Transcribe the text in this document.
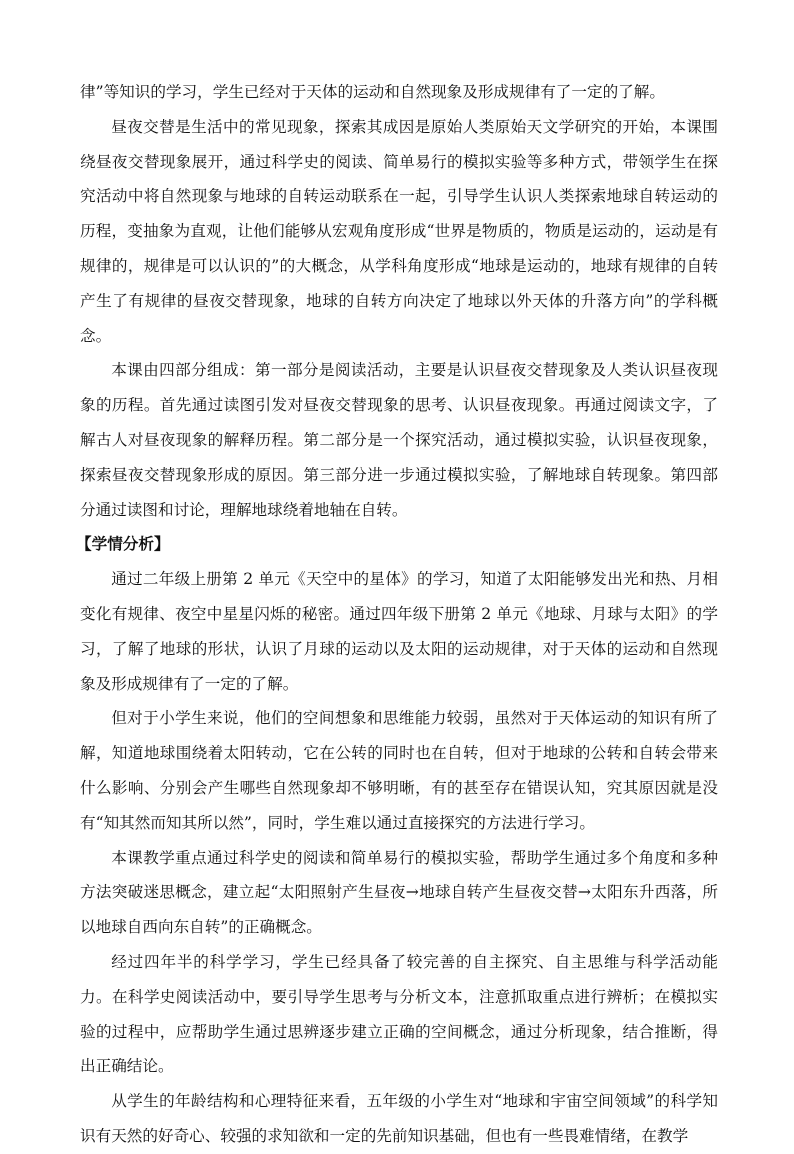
律”等知识的学习，学生已经对于天体的运动和自然现象及形成规律有了一定的了解。

昼夜交替是生活中的常见现象，探索其成因是原始人类原始天文学研究的开始，本课围绕昼夜交替现象展开，通过科学史的阅读、简单易行的模拟实验等多种方式，带领学生在探究活动中将自然现象与地球的自转运动联系在一起，引导学生认识人类探索地球自转运动的历程，变抽象为直观，让他们能够从宏观角度形成“世界是物质的，物质是运动的，运动是有规律的，规律是可以认识的”的大概念，从学科角度形成“地球是运动的，地球有规律的自转产生了有规律的昼夜交替现象，地球的自转方向决定了地球以外天体的升落方向”的学科概念。

本课由四部分组成：第一部分是阅读活动，主要是认识昼夜交替现象及人类认识昼夜现象的历程。首先通过读图引发对昼夜交替现象的思考、认识昼夜现象。再通过阅读文字，了解古人对昼夜现象的解释历程。第二部分是一个探究活动，通过模拟实验，认识昼夜现象，探索昼夜交替现象形成的原因。第三部分进一步通过模拟实验，了解地球自转现象。第四部分通过读图和讨论，理解地球绕着地轴在自转。

【学情分析】

通过二年级上册第 2 单元《天空中的星体》的学习，知道了太阳能够发出光和热、月相变化有规律、夜空中星星闪烁的秘密。通过四年级下册第 2 单元《地球、月球与太阳》的学习，了解了地球的形状，认识了月球的运动以及太阳的运动规律，对于天体的运动和自然现象及形成规律有了一定的了解。

但对于小学生来说，他们的空间想象和思维能力较弱，虽然对于天体运动的知识有所了解，知道地球围绕着太阳转动，它在公转的同时也在自转，但对于地球的公转和自转会带来什么影响、分别会产生哪些自然现象却不够明晰，有的甚至存在错误认知，究其原因就是没有“知其然而知其所以然”，同时，学生难以通过直接探究的方法进行学习。

本课教学重点通过科学史的阅读和简单易行的模拟实验，帮助学生通过多个角度和多种方法突破迷思概念，建立起“太阳照射产生昼夜→地球自转产生昼夜交替→太阳东升西落，所以地球自西向东自转”的正确概念。

经过四年半的科学学习，学生已经具备了较完善的自主探究、自主思维与科学活动能力。在科学史阅读活动中，要引导学生思考与分析文本，注意抓取重点进行辨析；在模拟实验的过程中，应帮助学生通过思辨逐步建立正确的空间概念，通过分析现象，结合推断，得出正确结论。

从学生的年龄结构和心理特征来看，五年级的小学生对“地球和宇宙空间领域”的科学知识有天然的好奇心、较强的求知欲和一定的先前知识基础，但也有一些畏难情绪，在教学
